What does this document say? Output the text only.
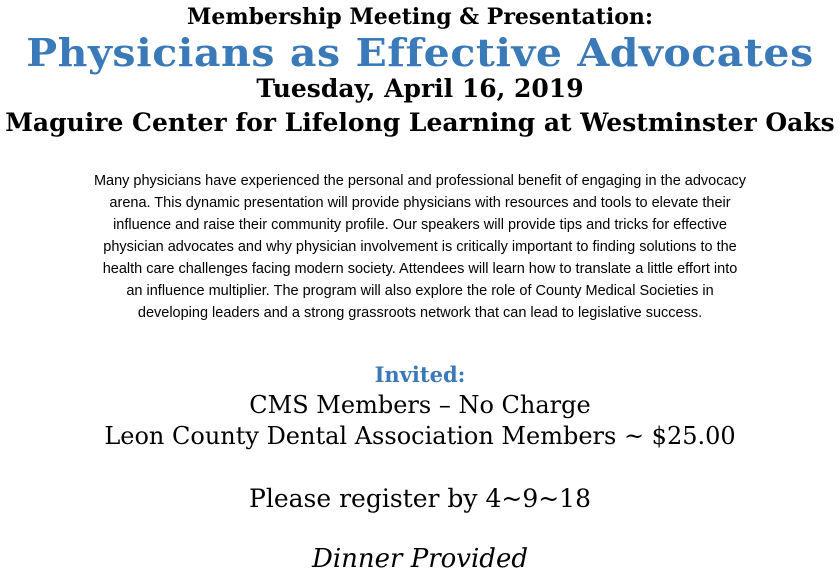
Membership Meeting & Presentation:
Physicians as Effective Advocates
Tuesday, April 16, 2019
Maguire Center for Lifelong Learning at Westminster Oaks
Many physicians have experienced the personal and professional benefit of engaging in the advocacy
arena. This dynamic presentation will provide physicians with resources and tools to elevate their
influence and raise their community profile. Our speakers will provide tips and tricks for effective
physician advocates and why physician involvement is critically important to finding solutions to the
health care challenges facing modern society. Attendees will learn how to translate a little effort into
an influence multiplier. The program will also explore the role of County Medical Societies in
developing leaders and a strong grassroots network that can lead to legislative success.
Invited:
CMS Members – No Charge
Leon County Dental Association Members ~ $25.00
Please register by 4~9~18
Dinner Provided
